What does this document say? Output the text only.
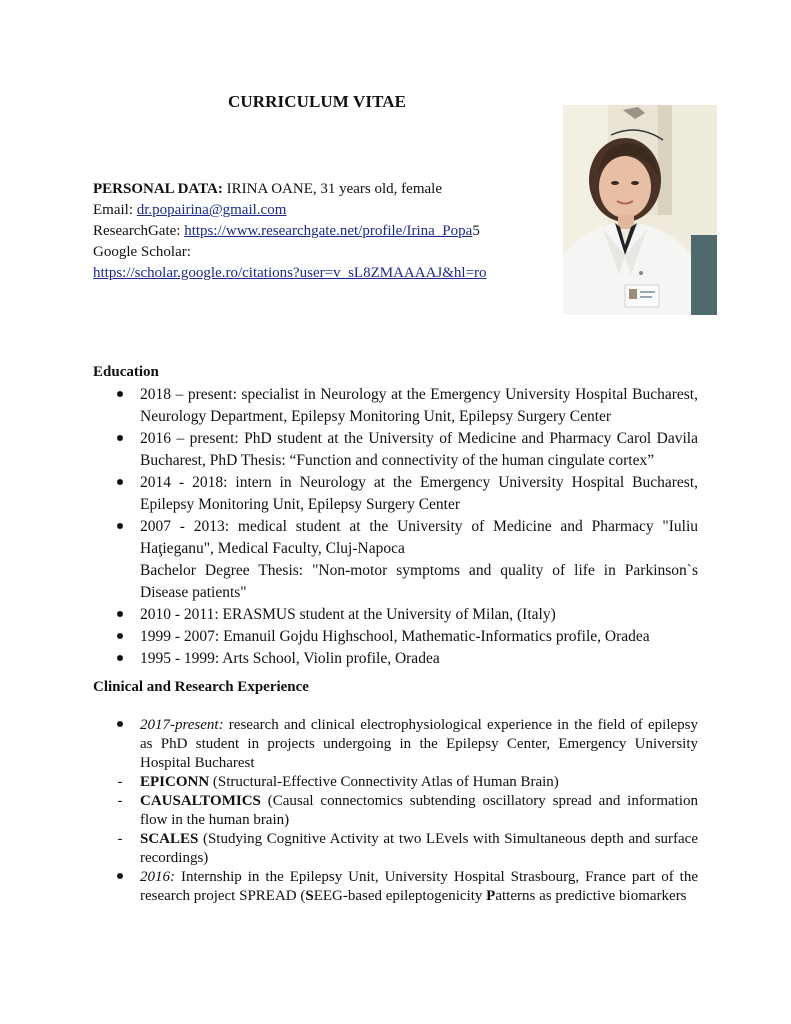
CURRICULUM VITAE
PERSONAL DATA: IRINA OANE, 31 years old, female
Email: dr.popairina@gmail.com
ResearchGate: https://www.researchgate.net/profile/Irina_Popa5
Google Scholar:
https://scholar.google.ro/citations?user=v_sL8ZMAAAAJ&hl=ro
Education
2018 – present: specialist in Neurology at the Emergency University Hospital Bucharest, Neurology Department, Epilepsy Monitoring Unit, Epilepsy Surgery Center
2016 – present: PhD student at the University of Medicine and Pharmacy Carol Davila Bucharest, PhD Thesis: “Function and connectivity of the human cingulate cortex”
2014 - 2018: intern in Neurology at the Emergency University Hospital Bucharest, Epilepsy Monitoring Unit, Epilepsy Surgery Center
2007 - 2013: medical student at the University of Medicine and Pharmacy "Iuliu Haţieganu", Medical Faculty, Cluj-Napoca
Bachelor Degree Thesis: "Non-motor symptoms and quality of life in Parkinson`s Disease patients"
2010 - 2011: ERASMUS student at the University of Milan, (Italy)
1999 - 2007: Emanuil Gojdu Highschool, Mathematic-Informatics profile, Oradea
1995 - 1999: Arts School, Violin profile, Oradea
Clinical and Research Experience
2017-present: research and clinical electrophysiological experience in the field of epilepsy as PhD student in projects undergoing in the Epilepsy Center, Emergency University Hospital Bucharest
-
EPICONN (Structural-Effective Connectivity Atlas of Human Brain)
-
CAUSALTOMICS (Causal connectomics subtending oscillatory spread and information flow in the human brain)
-
SCALES (Studying Cognitive Activity at two LEvels with Simultaneous depth and surface recordings)
2016: Internship in the Epilepsy Unit, University Hospital Strasbourg, France part of the research project SPREAD (SEEG-based epileptogenicity Patterns as predictive biomarkers
